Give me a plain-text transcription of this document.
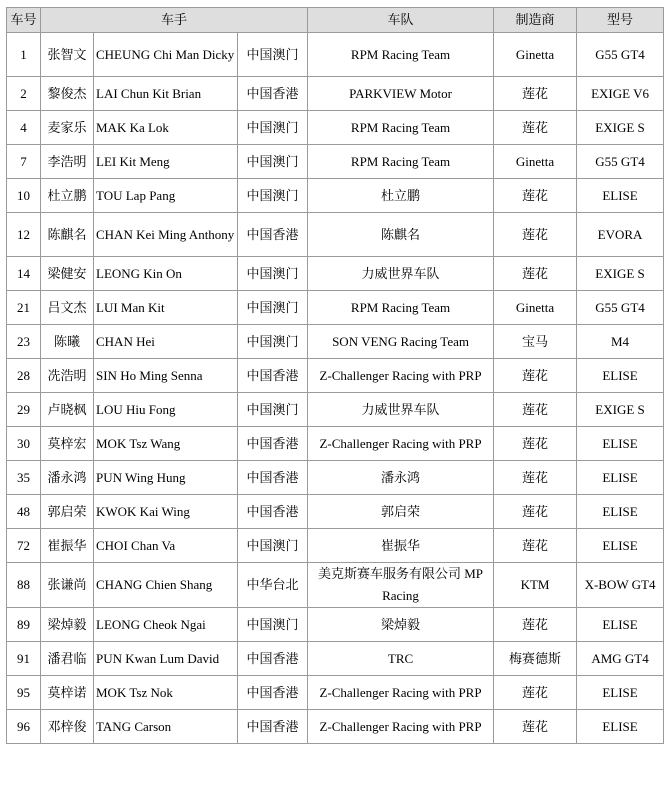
车号	车手			车队	制造商	型号
1	张智文	CHEUNG Chi Man Dicky	中国澳门	RPM Racing Team	Ginetta	G55 GT4
2	黎俊杰	LAI Chun Kit Brian	中国香港	PARKVIEW Motor	莲花	EXIGE V6
4	麦家乐	MAK Ka Lok	中国澳门	RPM Racing Team	莲花	EXIGE S
7	李浩明	LEI Kit Meng	中国澳门	RPM Racing Team	Ginetta	G55 GT4
10	杜立鹏	TOU Lap Pang	中国澳门	杜立鹏	莲花	ELISE
12	陈麒名	CHAN Kei Ming Anthony	中国香港	陈麒名	莲花	EVORA
14	梁健安	LEONG Kin On	中国澳门	力威世界车队	莲花	EXIGE S
21	吕文杰	LUI Man Kit	中国澳门	RPM Racing Team	Ginetta	G55 GT4
23	陈曦	CHAN Hei	中国澳门	SON VENG Racing Team	宝马	M4
28	冼浩明	SIN Ho Ming Senna	中国香港	Z-Challenger Racing with PRP	莲花	ELISE
29	卢晓枫	LOU Hiu Fong	中国澳门	力威世界车队	莲花	EXIGE S
30	莫梓宏	MOK Tsz Wang	中国香港	Z-Challenger Racing with PRP	莲花	ELISE
35	潘永鸿	PUN Wing Hung	中国香港	潘永鸿	莲花	ELISE
48	郭启荣	KWOK Kai Wing	中国香港	郭启荣	莲花	ELISE
72	崔振华	CHOI Chan Va	中国澳门	崔振华	莲花	ELISE
88	张谦尚	CHANG Chien Shang	中华台北	美克斯赛车服务有限公司 MP Racing	KTM	X-BOW GT4
89	梁焯毅	LEONG Cheok Ngai	中国澳门	梁焯毅	莲花	ELISE
91	潘君临	PUN Kwan Lum David	中国香港	TRC	梅赛德斯	AMG GT4
95	莫梓诺	MOK Tsz Nok	中国香港	Z-Challenger Racing with PRP	莲花	ELISE
96	邓梓俊	TANG Carson	中国香港	Z-Challenger Racing with PRP	莲花	ELISE
